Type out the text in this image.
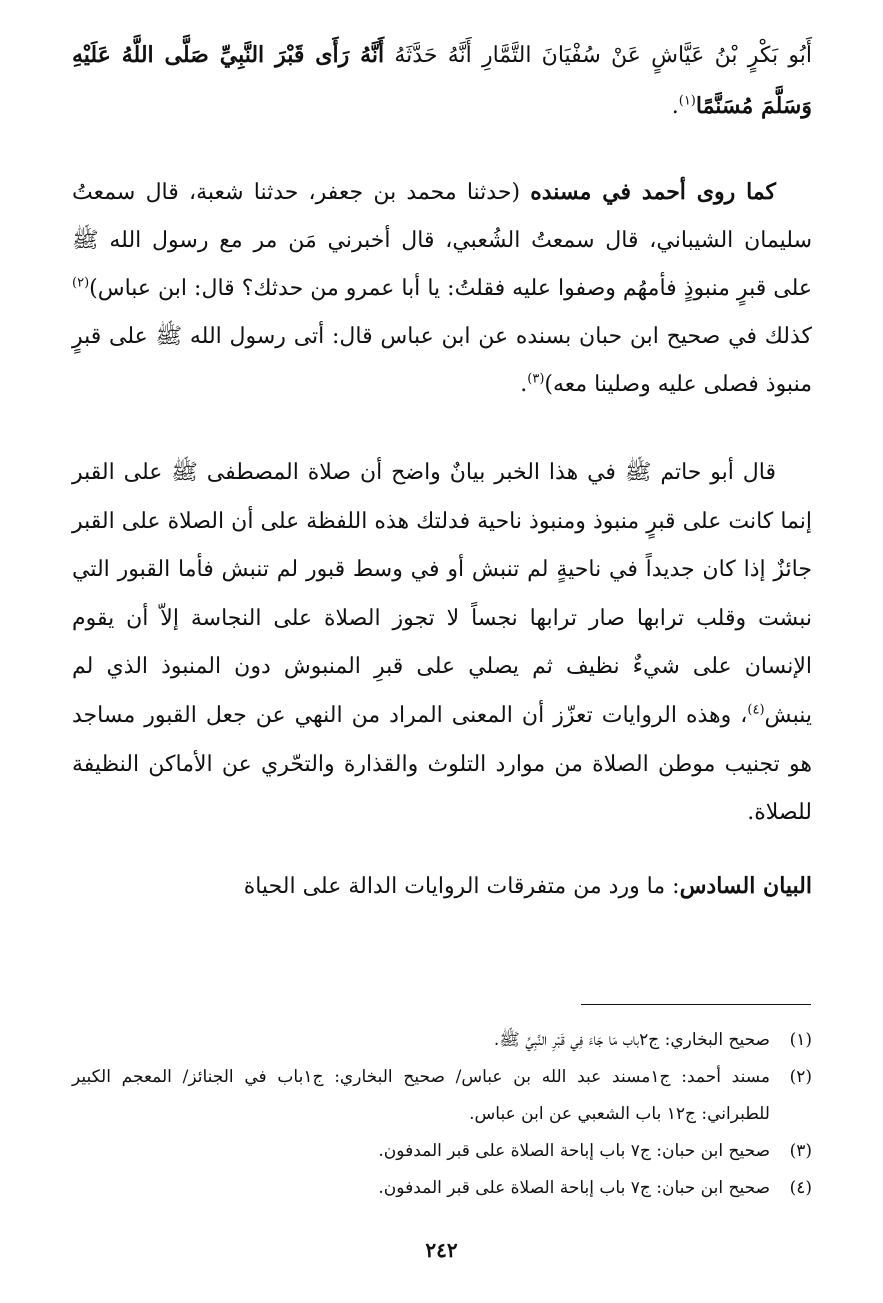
أَبُو بَكْرٍ بْنُ عَيَّاشٍ عَنْ سُفْيَانَ التَّمَّارِ أَنَّهُ حَدَّثَهُ أَنَّهُ رَأَى قَبْرَ النَّبِيِّ صَلَّى اللَّهُ عَلَيْهِ وَسَلَّمَ مُسَنَّمًا$^{(١)}$.

كما روى أحمد في مسنده (حدثنا محمد بن جعفر، حدثنا شعبة، قال سمعتُ سليمان الشيباني، قال سمعتُ الشُعبي، قال أخبرني مَن مر مع رسول الله ﷺ على قبرٍ منبوذٍ فأمهُم وصفوا عليه فقلتُ: يا أبا عمرو من حدثك؟ قال: ابن عباس)$^{(٢)}$ كذلك في صحيح ابن حبان بسنده عن ابن عباس قال: أتى رسول الله ﷺ على قبرٍ منبوذ فصلى عليه وصلينا معه)$^{(٣)}$.

قال أبو حاتم ﷺ في هذا الخبر بيانٌ واضح أن صلاة المصطفى ﷺ على القبر إنما كانت على قبرٍ منبوذ ومنبوذ ناحية فدلتك هذه اللفظة على أن الصلاة على القبر جائزٌ إذا كان جديداً في ناحيةٍ لم تنبش أو في وسط قبور لم تنبش فأما القبور التي نبشت وقلب ترابها صار ترابها نجساً لا تجوز الصلاة على النجاسة إلاّ أن يقوم الإنسان على شيءٌ نظيف ثم يصلي على قبرِ المنبوش دون المنبوذ الذي لم ينبش$^{(٤)}$، وهذه الروايات تعزّز أن المعنى المراد من النهي عن جعل القبور مساجد هو تجنيب موطن الصلاة من موارد التلوث والقذارة والتحّري عن الأماكن النظيفة للصلاة.

البيان السادس: ما ورد من متفرقات الروايات الدالة على الحياة

(١)
صحيح البخاري: ج٢باب مَا جَاءَ فِي قَبْرِ النَّبِيِّ ﷺ.

(٢)
مسند أحمد: ج١مسند عبد الله بن عباس/ صحيح البخاري: ج١باب في الجنائز/ المعجم الكبير للطبراني: ج١٢ باب الشعبي عن ابن عباس.

(٣)
صحيح ابن حبان: ج٧ باب إباحة الصلاة على قبر المدفون.

(٤)
صحيح ابن حبان: ج٧ باب إباحة الصلاة على قبر المدفون.

٢٤٢
